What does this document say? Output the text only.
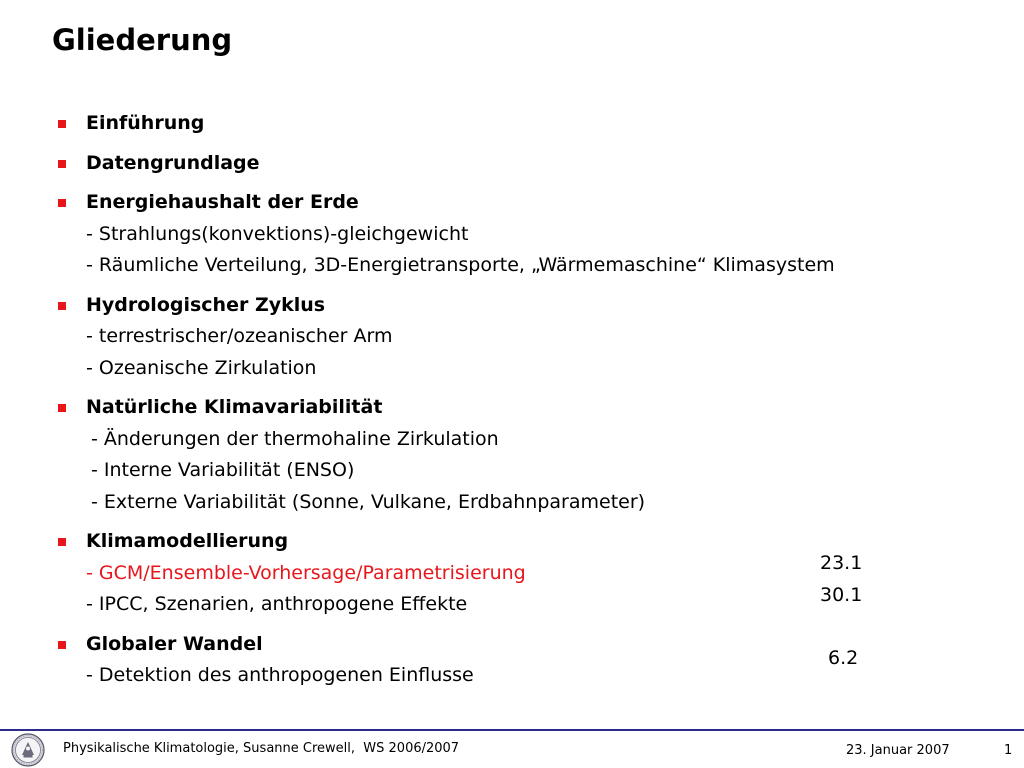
Gliederung
Einführung
Datengrundlage
Energiehaushalt der Erde
- Strahlungs(konvektions)-gleichgewicht
- Räumliche Verteilung, 3D-Energietransporte, „Wärmemaschine“ Klimasystem
Hydrologischer Zyklus
- terrestrischer/ozeanischer Arm
- Ozeanische Zirkulation
Natürliche Klimavariabilität
- Änderungen der thermohaline Zirkulation
- Interne Variabilität (ENSO)
- Externe Variabilität (Sonne, Vulkane, Erdbahnparameter)
Klimamodellierung
- GCM/Ensemble-Vorhersage/Parametrisierung
- IPCC, Szenarien, anthropogene Effekte
Globaler Wandel
- Detektion des anthropogenen Einflusse
23.1
30.1
6.2
Physikalische Klimatologie, Susanne Crewell,  WS 2006/2007	23. Januar 2007	1
